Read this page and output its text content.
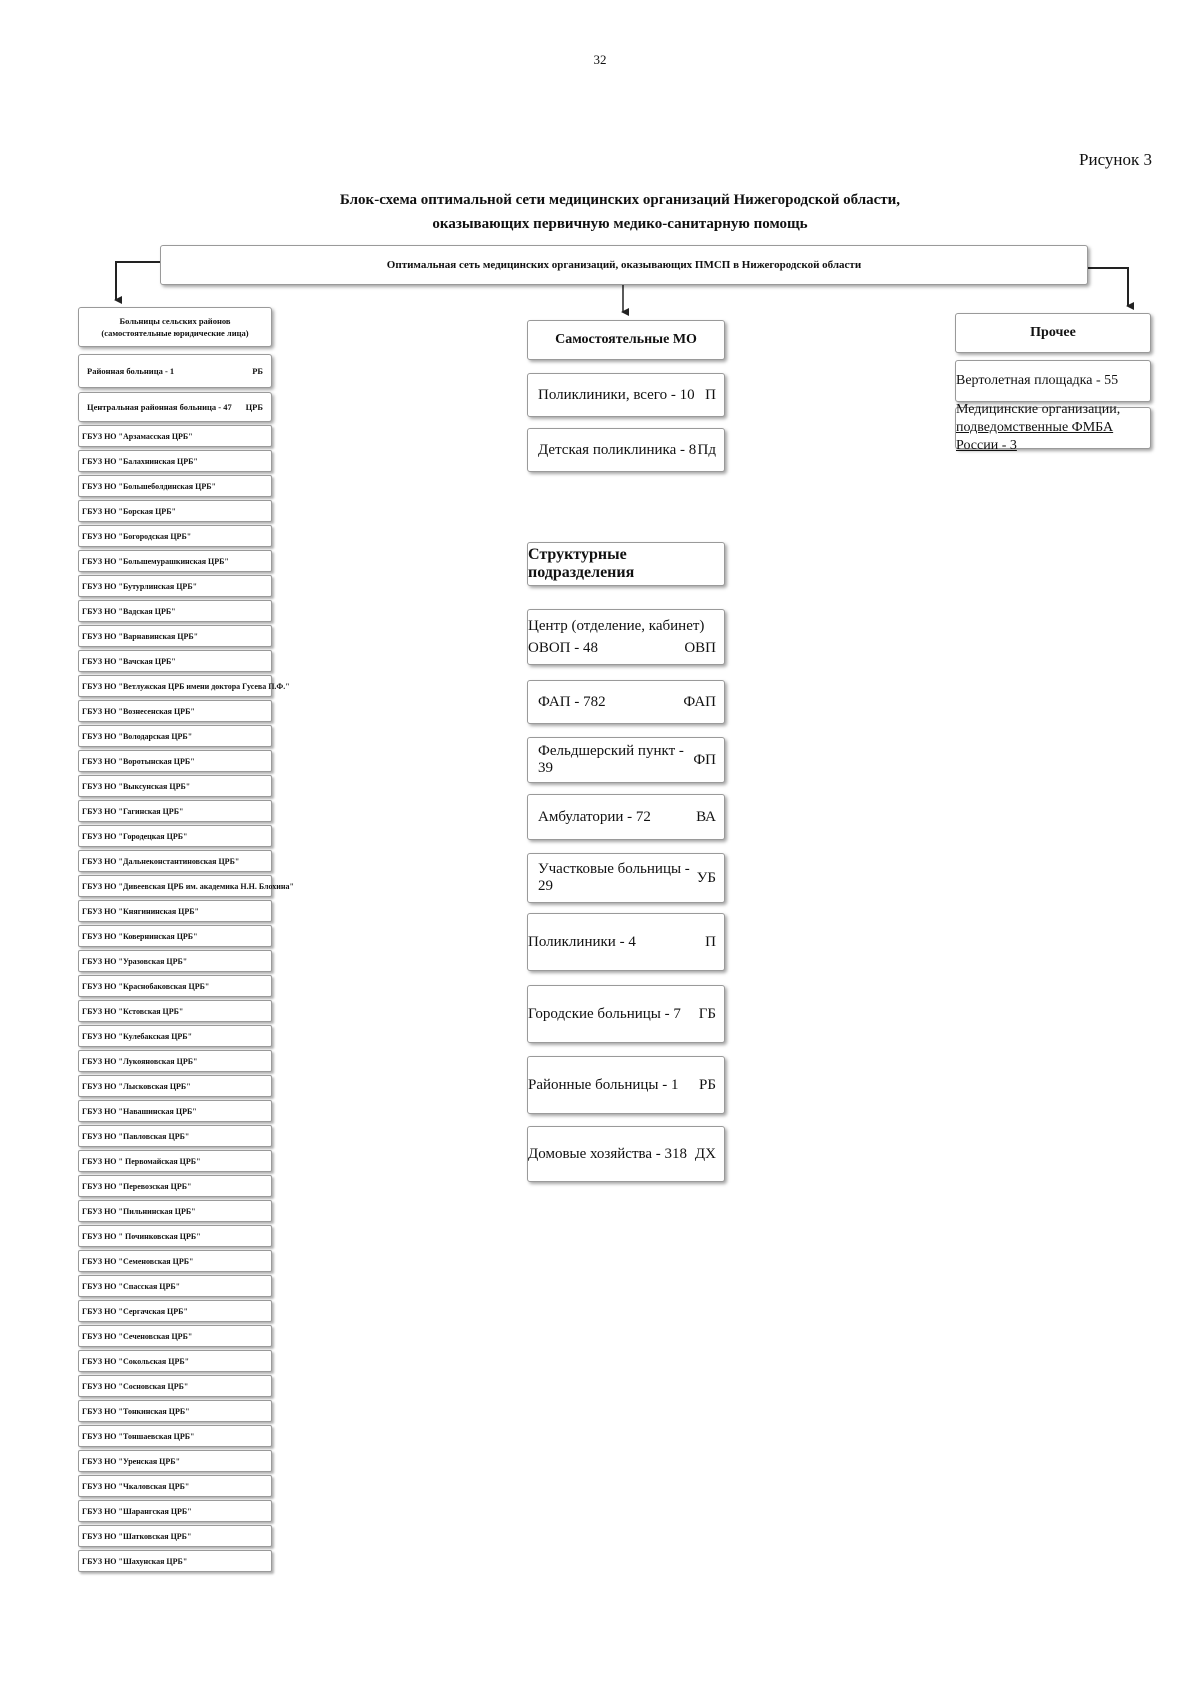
32
Рисунок 3
Блок-схема оптимальной сети медицинских организаций Нижегородской области,
оказывающих первичную медико-санитарную помощь
Оптимальная сеть медицинских организаций, оказывающих ПМСП в Нижегородской области
Больницы сельских районов
(самостоятельные юридические лица)
Районная больница - 1	РБ
Центральная районная больница - 47 ЦРБ
ГБУЗ НО "Арзамасская ЦРБ"
ГБУЗ НО "Балахнинская ЦРБ"
ГБУЗ НО "Большеболдинская ЦРБ"
ГБУЗ НО "Борская ЦРБ"
ГБУЗ НО "Богородская ЦРБ"
ГБУЗ НО "Большемурашкинская ЦРБ"
ГБУЗ НО "Бутурлинская ЦРБ"
ГБУЗ НО "Вадская ЦРБ"
ГБУЗ НО "Варнавинская ЦРБ"
ГБУЗ НО "Вачская ЦРБ"
ГБУЗ НО "Ветлужская ЦРБ имени доктора Гусева П.Ф."
ГБУЗ НО "Вознесенская ЦРБ"
ГБУЗ НО "Володарская ЦРБ"
ГБУЗ НО "Воротынская ЦРБ"
ГБУЗ НО "Выксунская ЦРБ"
ГБУЗ НО "Гагинская ЦРБ"
ГБУЗ НО "Городецкая ЦРБ"
ГБУЗ НО "Дальнеконстантиновская ЦРБ"
ГБУЗ НО "Дивеевская ЦРБ им. академика Н.Н. Блохина"
ГБУЗ НО "Княгининская ЦРБ"
ГБУЗ НО "Ковернинская ЦРБ"
ГБУЗ НО "Уразовская ЦРБ"
ГБУЗ НО "Краснобаковская ЦРБ"
ГБУЗ НО "Кстовская ЦРБ"
ГБУЗ НО "Кулебакская ЦРБ"
ГБУЗ НО "Лукояновская ЦРБ"
ГБУЗ НО "Лысковская ЦРБ"
ГБУЗ НО "Навашинская ЦРБ"
ГБУЗ НО "Павловская ЦРБ"
ГБУЗ НО " Первомайская ЦРБ"
ГБУЗ НО "Перевозская ЦРБ"
ГБУЗ НО "Пильнинская ЦРБ"
ГБУЗ НО " Починковская ЦРБ"
ГБУЗ НО "Семеновская ЦРБ"
ГБУЗ НО "Спасская ЦРБ"
ГБУЗ НО "Сергачская ЦРБ"
ГБУЗ НО "Сеченовская ЦРБ"
ГБУЗ НО "Сокольская ЦРБ"
ГБУЗ НО "Сосновская ЦРБ"
ГБУЗ НО "Тонкинская ЦРБ"
ГБУЗ НО "Тоншаевская ЦРБ"
ГБУЗ НО "Уренская ЦРБ"
ГБУЗ НО "Чкаловская ЦРБ"
ГБУЗ НО "Шарангская ЦРБ"
ГБУЗ НО "Шатковская ЦРБ"
ГБУЗ НО "Шахунская ЦРБ"
Самостоятельные МО
Поликлиники, всего - 10 П
Детская поликлиника - 8 Пд
Структурные подразделения
Центр (отделение, кабинет)
ОВОП - 48	ОВП
ФАП - 782	ФАП
Фельдшерский пункт - 39
ФП
Амбулатории - 72	ВА
Участковые больницы - 29
УБ
Поликлиники - 4	П
Городские больницы - 7 ГБ
Районные больницы - 1 РБ
Домовые хозяйства - 318 ДХ
Прочее
Вертолетная площадка - 55
Медицинские организации,
подведомственные ФМБА России - 3
